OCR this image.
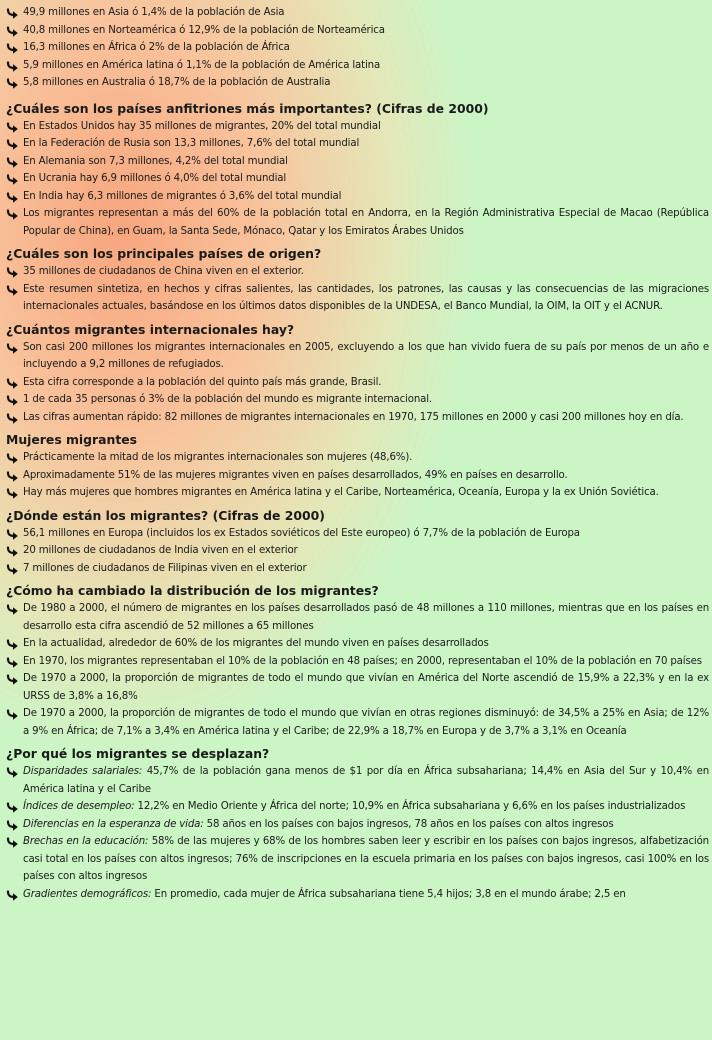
49,9 millones en Asia ó 1,4% de la población de Asia
40,8 millones en Norteamérica ó 12,9% de la población de Norteamérica
16,3 millones en África ó 2% de la población de África
5,9 millones en América latina ó 1,1% de la población de América latina
5,8 millones en Australia ó 18,7% de la población de Australia
¿Cuáles son los países anfitriones más importantes? (Cifras de 2000)
En Estados Unidos hay 35 millones de migrantes, 20% del total mundial
En la Federación de Rusia son 13,3 millones, 7,6% del total mundial
En Alemania son 7,3 millones, 4,2% del total mundial
En Ucrania hay 6,9 millones ó 4,0% del total mundial
En India hay 6,3 millones de migrantes ó 3,6% del total mundial
Los migrantes representan a más del 60% de la población total en Andorra, en la Región Administrativa Especial de Macao (República Popular de China), en Guam, la Santa Sede, Mónaco, Qatar y los Emiratos Árabes Unidos
¿Cuáles son los principales países de origen?
35 millones de ciudadanos de China viven en el exterior.
Este resumen sintetiza, en hechos y cifras salientes, las cantidades, los patrones, las causas y las consecuencias de las migraciones internacionales actuales, basándose en los últimos datos disponibles de la UNDESA, el Banco Mundial, la OIM, la OIT y el ACNUR.
¿Cuántos migrantes internacionales hay?
Son casi 200 millones los migrantes internacionales en 2005, excluyendo a los que han vivido fuera de su país por menos de un año e incluyendo a 9,2 millones de refugiados.
Esta cifra corresponde a la población del quinto país más grande, Brasil.
1 de cada 35 personas ó 3% de la población del mundo es migrante internacional.
Las cifras aumentan rápido: 82 millones de migrantes internacionales en 1970, 175 millones en 2000 y casi 200 millones hoy en día.
Mujeres migrantes
Prácticamente la mitad de los migrantes internacionales son mujeres (48,6%).
Aproximadamente 51% de las mujeres migrantes viven en países desarrollados, 49% en países en desarrollo.
Hay más mujeres que hombres migrantes en América latina y el Caribe, Norteamérica, Oceanía, Europa y la ex Unión Soviética.
¿Dónde están los migrantes? (Cifras de 2000)
56,1 millones en Europa (incluidos los ex Estados soviéticos del Este europeo) ó 7,7% de la población de Europa
20 millones de ciudadanos de India viven en el exterior
7 millones de ciudadanos de Filipinas viven en el exterior
¿Cómo ha cambiado la distribución de los migrantes?
De 1980 a 2000, el número de migrantes en los países desarrollados pasó de 48 millones a 110 millones, mientras que en los países en desarrollo esta cifra ascendió de 52 millones a 65 millones
En la actualidad, alrededor de 60% de los migrantes del mundo viven en países desarrollados
En 1970, los migrantes representaban el 10% de la población en 48 países; en 2000, representaban el 10% de la población en 70 países
De 1970 a 2000, la proporción de migrantes de todo el mundo que vivían en América del Norte ascendió de 15,9% a 22,3% y en la ex URSS de 3,8% a 16,8%
De 1970 a 2000, la proporción de migrantes de todo el mundo que vivían en otras regiones disminuyó: de 34,5% a 25% en Asia; de 12% a 9% en África; de 7,1% a 3,4% en América latina y el Caribe; de 22,9% a 18,7% en Europa y de 3,7% a 3,1% en Oceanía
¿Por qué los migrantes se desplazan?
Disparidades salariales: 45,7% de la población gana menos de $1 por día en África subsahariana; 14,4% en Asia del Sur y 10,4% en América latina y el Caribe
Índices de desempleo: 12,2% en Medio Oriente y África del norte; 10,9% en África subsahariana y 6,6% en los países industrializados
Diferencias en la esperanza de vida: 58 años en los países con bajos ingresos, 78 años en los países con altos ingresos
Brechas en la educación: 58% de las mujeres y 68% de los hombres saben leer y escribir en los países con bajos ingresos, alfabetización casi total en los países con altos ingresos; 76% de inscripciones en la escuela primaria en los países con bajos ingresos, casi 100% en los países con altos ingresos
Gradientes demográficos: En promedio, cada mujer de África subsahariana tiene 5,4 hijos; 3,8 en el mundo árabe; 2,5 en
